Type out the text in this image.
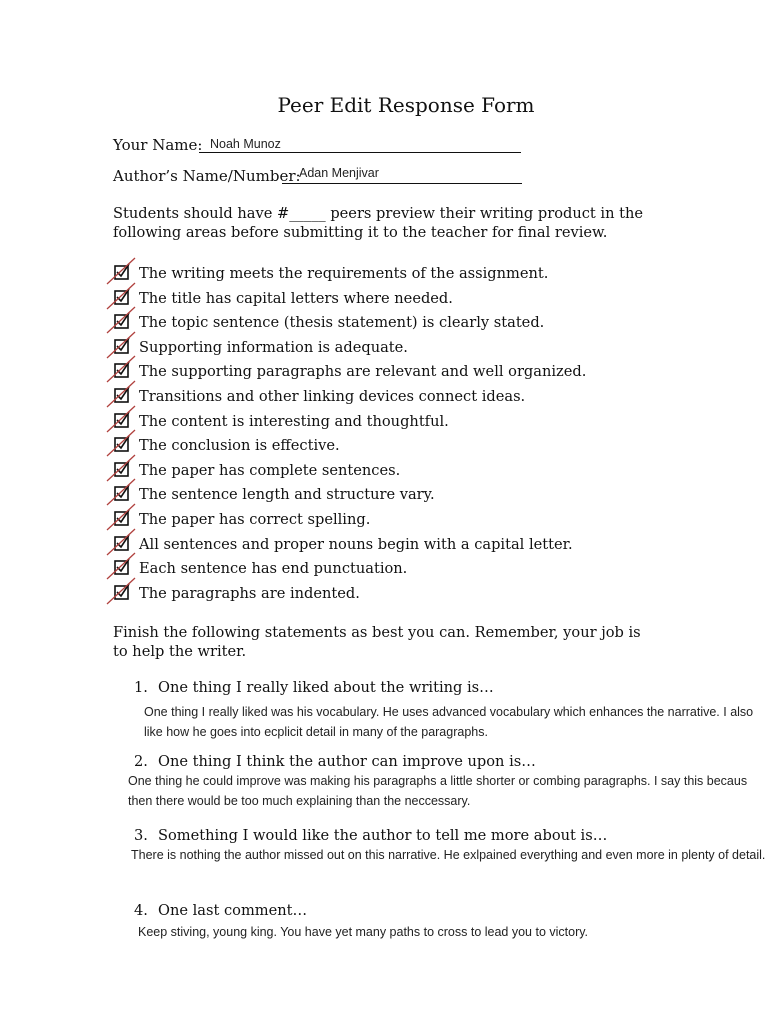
Peer Edit Response Form
Your Name: Noah Munoz
Author’s Name/Number:
Adan Menjivar
Students should have #_____ peers preview their writing product in the following areas before submitting it to the teacher for final review.
The writing meets the requirements of the assignment.
The title has capital letters where needed.
The topic sentence (thesis statement) is clearly stated.
Supporting information is adequate.
The supporting paragraphs are relevant and well organized.
Transitions and other linking devices connect ideas.
The content is interesting and thoughtful.
The conclusion is effective.
The paper has complete sentences.
The sentence length and structure vary.
The paper has correct spelling.
All sentences and proper nouns begin with a capital letter.
Each sentence has end punctuation.
The paragraphs are indented.
Finish the following statements as best you can. Remember, your job is to help the writer.
1. One thing I really liked about the writing is…
One thing I really liked was his vocabulary. He uses advanced vocabulary which enhances the narrative. I also like how he goes into ecplicit detail in many of the paragraphs.
2. One thing I think the author can improve upon is…
One thing he could improve was making his paragraphs a little shorter or combing paragraphs. I say this becaus then there would be too much explaining than the neccessary.
3. Something I would like the author to tell me more about is…
There is nothing the author missed out on this narrative. He exlpained everything and even more in plenty of detail.
4. One last comment…
Keep stiving, young king. You have yet many paths to cross to lead you to victory.
